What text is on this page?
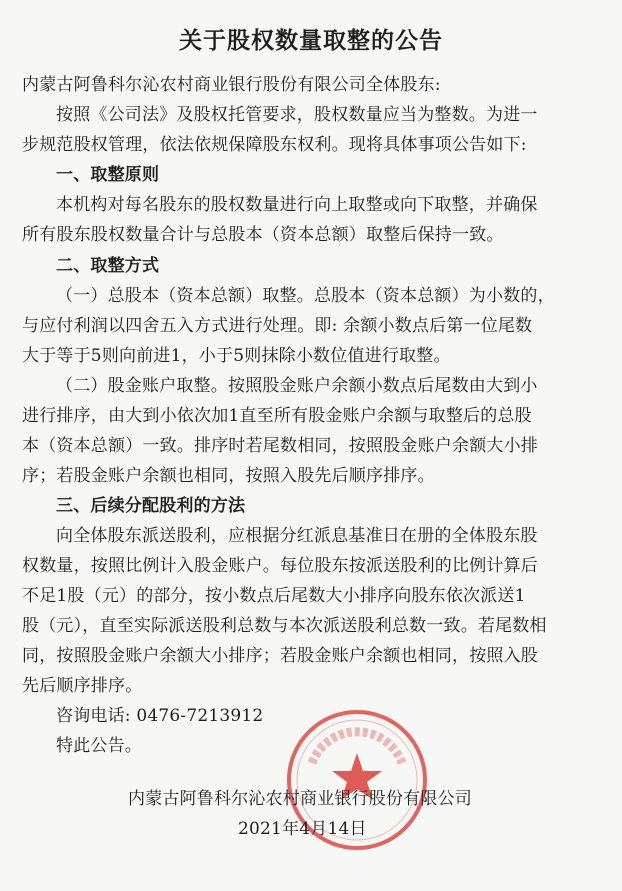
关于股权数量取整的公告
内蒙古阿鲁科尔沁农村商业银行股份有限公司全体股东:
按照《公司法》及股权托管要求，股权数量应当为整数。为进一
步规范股权管理，依法依规保障股东权利。现将具体事项公告如下:
一、取整原则
本机构对每名股东的股权数量进行向上取整或向下取整，并确保
所有股东股权数量合计与总股本（资本总额）取整后保持一致。
二、取整方式
（一）总股本（资本总额）取整。总股本（资本总额）为小数的，
与应付利润以四舍五入方式进行处理。即: 余额小数点后第一位尾数
大于等于5则向前进1，小于5则抹除小数位值进行取整。
（二）股金账户取整。按照股金账户余额小数点后尾数由大到小
进行排序，由大到小依次加1直至所有股金账户余额与取整后的总股
本（资本总额）一致。排序时若尾数相同，按照股金账户余额大小排
序；若股金账户余额也相同，按照入股先后顺序排序。
三、后续分配股利的方法
向全体股东派送股利，应根据分红派息基准日在册的全体股东股
权数量，按照比例计入股金账户。每位股东按派送股利的比例计算后
不足1股（元）的部分，按小数点后尾数大小排序向股东依次派送1
股（元），直至实际派送股利总数与本次派送股利总数一致。若尾数相
同，按照股金账户余额大小排序；若股金账户余额也相同，按照入股
先后顺序排序。
咨询电话: 0476-7213912
特此公告。
内蒙古阿鲁科尔沁农村商业银行股份有限公司
2021年4月14日
